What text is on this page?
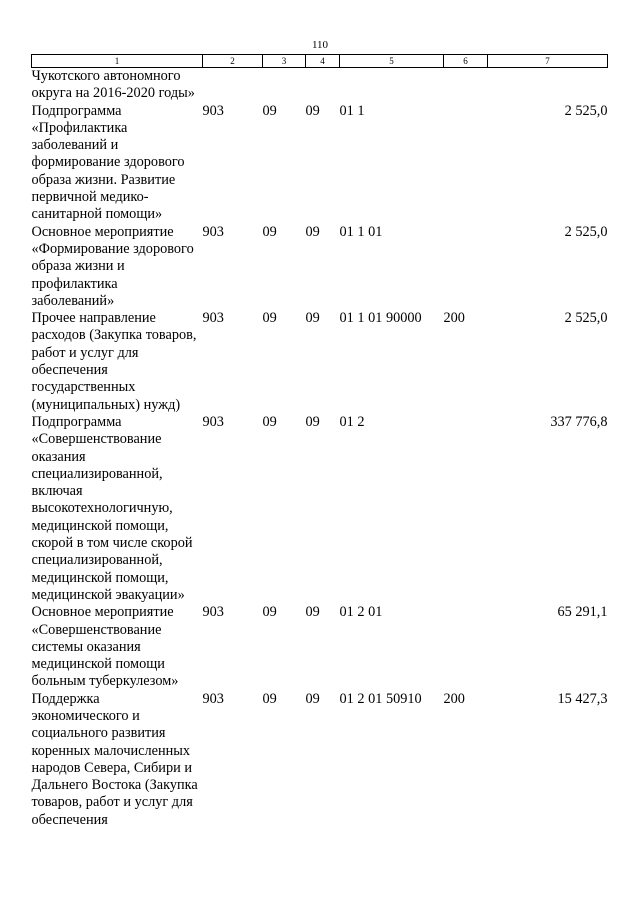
110
1	2	3	4	5	6	7
Чукотского автономного округа на 2016-2020 годы»						
Подпрограмма «Профилактика заболеваний и формирование здорового образа жизни. Развитие первичной медико-санитарной помощи»	903	09	09	01 1		2 525,0
Основное мероприятие «Формирование здорового образа жизни и профилактика заболеваний»	903	09	09	01 1 01		2 525,0
Прочее направление расходов (Закупка товаров, работ и услуг для обеспечения государственных (муниципальных) нужд)	903	09	09	01 1 01 90000	200	2 525,0
Подпрограмма «Совершенствование оказания специализированной, включая высокотехнологичную, медицинской помощи, скорой в том числе скорой специализированной, медицинской помощи, медицинской эвакуации»	903	09	09	01 2		337 776,8
Основное мероприятие «Совершенствование системы оказания медицинской помощи больным туберкулезом»	903	09	09	01 2 01		65 291,1
Поддержка экономического и социального развития коренных малочисленных народов Севера, Сибири и Дальнего Востока (Закупка товаров, работ и услуг для обеспечения	903	09	09	01 2 01 50910	200	15 427,3
